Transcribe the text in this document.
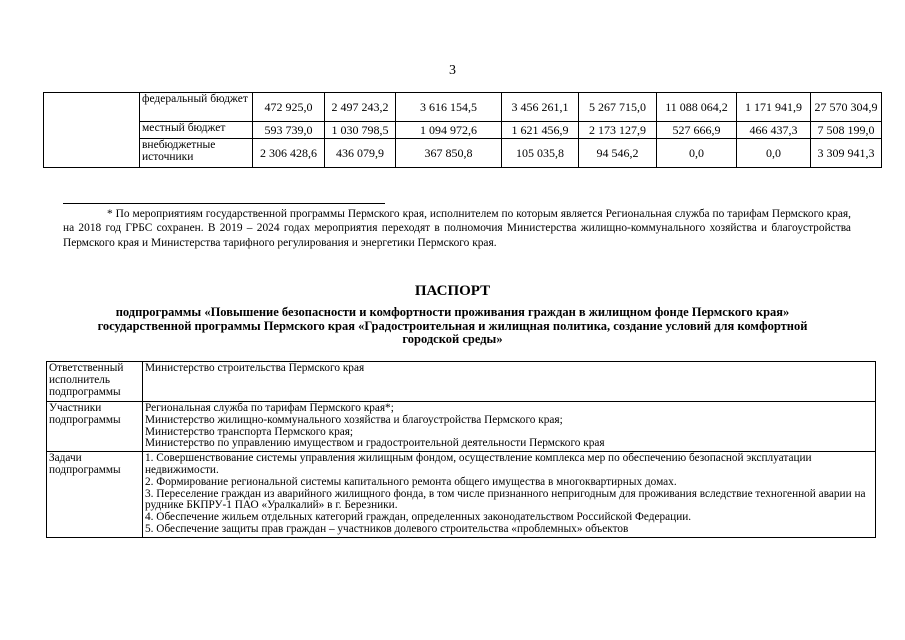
3
	федеральный бюджет	472 925,0	2 497 243,2	3 616 154,5	3 456 261,1	5 267 715,0	11 088 064,2	1 171 941,9	27 570 304,9
	местный бюджет	593 739,0	1 030 798,5	1 094 972,6	1 621 456,9	2 173 127,9	527 666,9	466 437,3	7 508 199,0
	внебюджетные источники	2 306 428,6	436 079,9	367 850,8	105 035,8	94 546,2	0,0	0,0	3 309 941,3
* По мероприятиям государственной программы Пермского края, исполнителем по которым является Региональная служба по тарифам Пермского края, на 2018 год ГРБС сохранен. В 2019 – 2024 годах мероприятия переходят в полномочия Министерства жилищно-коммунального хозяйства и благоустройства Пермского края и Министерства тарифного регулирования и энергетики Пермского края.
ПАСПОРТ
подпрограммы «Повышение безопасности и комфортности проживания граждан в жилищном фонде Пермского края» государственной программы Пермского края «Градостроительная и жилищная политика, создание условий для комфортной городской среды»
Ответственный исполнитель подпрограммы	Министерство строительства Пермского края

Участники подпрограммы	Региональная служба по тарифам Пермского края*;
Министерство жилищно-коммунального хозяйства и благоустройства Пермского края;
Министерство транспорта Пермского края;
Министерство по управлению имуществом и градостроительной деятельности Пермского края

Задачи подпрограммы	1. Совершенствование системы управления жилищным фондом, осуществление комплекса мер по обеспечению безопасной эксплуатации недвижимости.
2. Формирование региональной системы капитального ремонта общего имущества в многоквартирных домах.
3. Переселение граждан из аварийного жилищного фонда, в том числе признанного непригодным для проживания вследствие техногенной аварии на руднике БКПРУ-1 ПАО «Уралкалий» в г. Березники.
4. Обеспечение жильем отдельных категорий граждан, определенных законодательством Российской Федерации.
5. Обеспечение защиты прав граждан – участников долевого строительства «проблемных» объектов
